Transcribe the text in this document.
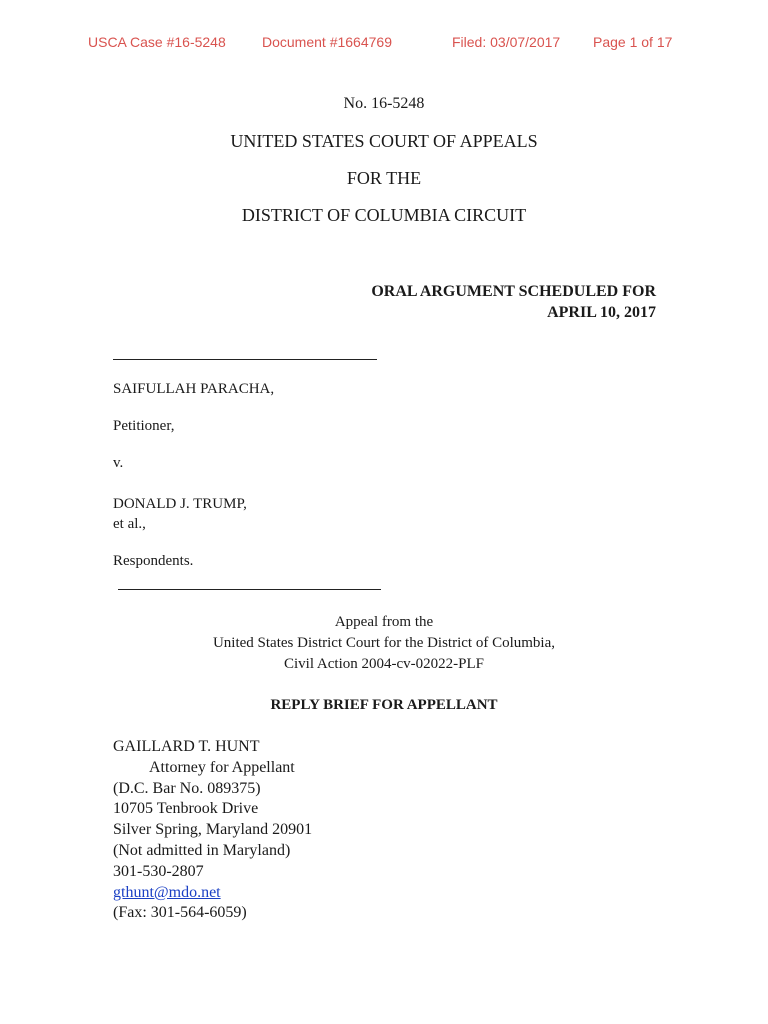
USCA Case #16-5248	Document #1664769	Filed: 03/07/2017 Page 1 of 17
No. 16-5248
UNITED STATES COURT OF APPEALS
FOR THE
DISTRICT OF COLUMBIA CIRCUIT
ORAL ARGUMENT SCHEDULED FOR
APRIL 10, 2017
SAIFULLAH PARACHA,
Petitioner,
v.
DONALD J. TRUMP,
et al.,
Respondents.
Appeal from the
United States District Court for the District of Columbia,
Civil Action 2004-cv-02022-PLF
REPLY BRIEF FOR APPELLANT
GAILLARD T. HUNT
Attorney for Appellant
(D.C. Bar No. 089375)
10705 Tenbrook Drive
Silver Spring, Maryland 20901
(Not admitted in Maryland)
301-530-2807
gthunt@mdo.net
(Fax: 301-564-6059)
